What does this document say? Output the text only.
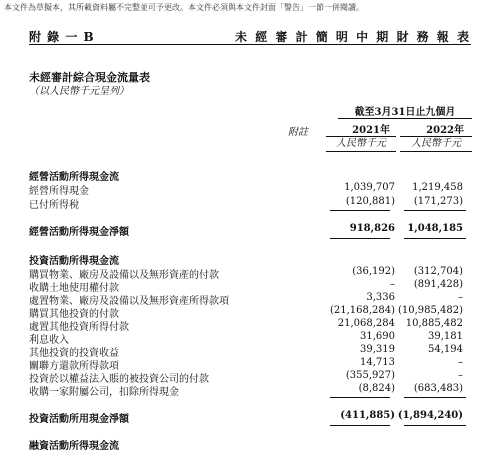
本文件為草擬本，其所載資料屬不完整並可予更改。本文件必須與本文件封面「警告」一節一併閱讀。
附 錄 一 B	未 經 審 計 簡 明 中 期 財 務 報 表
未經審計綜合現金流量表
（以人民幣千元呈列）
截至3月31日止九個月
附註	2021年	2022年
人民幣千元	人民幣千元
經營活動所得現金流
經營所得現金	1,039,707	1,219,458
已付所得稅	(120,881)	(171,273)
經營活動所得現金淨額	918,826	1,048,185
投資活動所得現金流
購買物業、廠房及設備以及無形資產的付款	(36,192)	(312,704)
收購土地使用權付款	–	(891,428)
處置物業、廠房及設備以及無形資產所得款項	3,336	–
購買其他投資的付款	(21,168,284) (10,985,482)
處置其他投資所得付款	21,068,284	10,885,482
利息收入	31,690	39,181
其他投資的投資收益	39,319	54,194
關聯方還款所得款項	14,713	–
投資於以權益法入賬的被投資公司的付款	(355,927)	–
收購一家附屬公司，扣除所得現金	(8,824)	(683,483)
投資活動所用現金淨額	(411,885) (1,894,240)
融資活動所得現金流
